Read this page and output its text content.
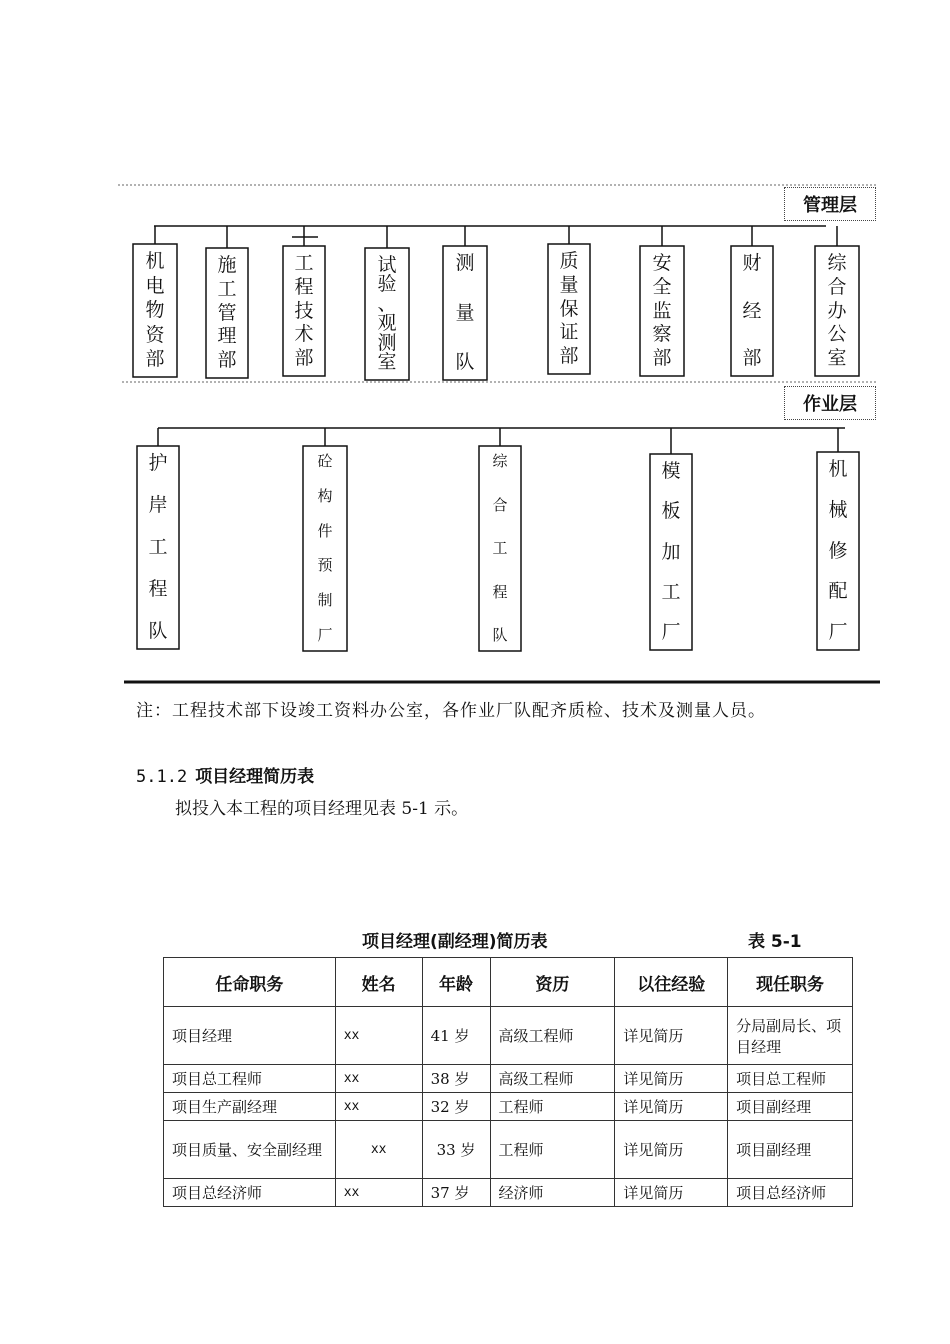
管理层
作业层
机
电
物
资
部
施
工
管
理
部
工
程
技
术
部
试
验
、
观
测
室
测
量
队
质
量
保
证
部
安
全
监
察
部
财
经
部
综
合
办
公
室
护
岸
工
程
队
砼
构
件
预
制
厂
综
合
工
程
队
模
板
加
工
厂
机
械
修
配
厂
注：工程技术部下设竣工资料办公室，各作业厂队配齐质检、技术及测量人员。
5.1.2 项目经理简历表
拟投入本工程的项目经理见表 5-1 示。
项目经理(副经理)简历表	表 5-1
任命职务	姓名	年龄	资历	以往经验	现任职务
项目经理	xx	41 岁	高级工程师	详见简历	分局副局长、项目经理
项目总工程师	xx	38 岁	高级工程师	详见简历	项目总工程师
项目生产副经理	xx	32 岁	工程师	详见简历	项目副经理
项目质量、安全副经理	xx	33 岁	工程师	详见简历	项目副经理
项目总经济师	xx	37 岁	经济师	详见简历	项目总经济师
